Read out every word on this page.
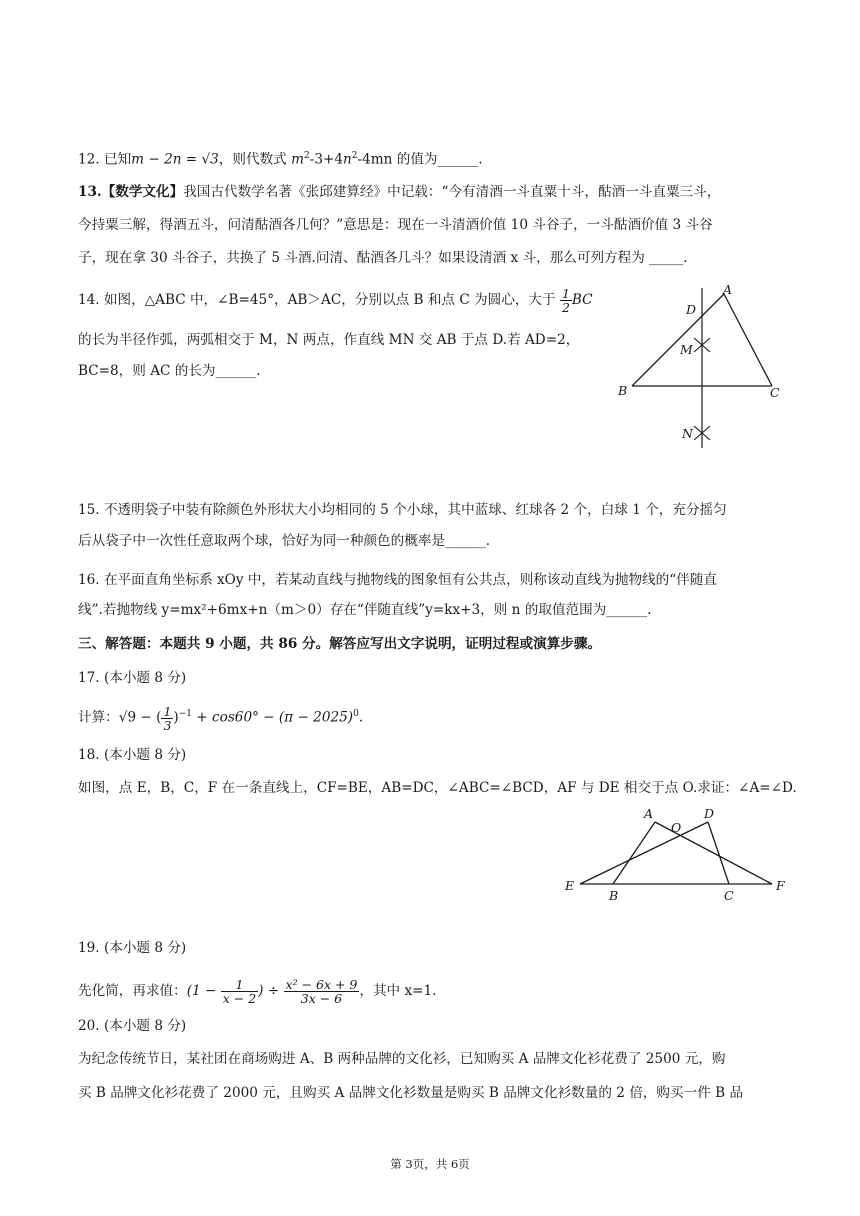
12. 已知m − 2n = √3，则代数式 $m^2-3+4n^2-4mn$ 的值为______.
13.【数学文化】我国古代数学名著《张邱建算经》中记载：“今有清酒一斗直粟十斗，酤酒一斗直粟三斗，
今持粟三解，得酒五斗，问清酤酒各几何？”意思是：现在一斗清酒价值 10 斗谷子，一斗酤酒价值 3 斗谷
子，现在拿 30 斗谷子，共换了 5 斗酒.问清、酤酒各几斗？如果设清酒 x 斗，那么可列方程为 _____.
14. 如图，△ABC 中，∠B=45°，AB＞AC，分别以点 B 和点 C 为圆心，大于 $\frac{1}{2}$ BC
的长为半径作弧，两弧相交于 M，N 两点，作直线 MN 交 AB 于点 D.若 AD=2，
BC=8，则 AC 的长为______.
A
B	C
D
M
N
15. 不透明袋子中装有除颜色外形状大小均相同的 5 个小球，其中蓝球、红球各 2 个，白球 1 个，充分摇匀
后从袋子中一次性任意取两个球，恰好为同一种颜色的概率是______.
16. 在平面直角坐标系 xOy 中，若某动直线与抛物线的图象恒有公共点，则称该动直线为抛物线的“伴随直
线”.若抛物线 y=mx²+6mx+n（m＞0）存在“伴随直线”y=kx+3，则 n 的取值范围为______.
三、解答题：本题共 9 小题，共 86 分。解答应写出文字说明，证明过程或演算步骤。
17. (本小题 8 分)
计算：√9 − ( $\frac{1}{3} )^{-1} + \cos 60^\circ - (\pi - 2025)^0$.
18. (本小题 8 分)
如图，点 E，B，C，F 在一条直线上，CF=BE，AB=DC，∠ABC=∠BCD，AF 与 DE 相交于点 O.求证：∠A=∠D.
A
O
D
E
B	C
F
19. (本小题 8 分)
先化简，再求值：($1 - \frac{1}{x - 2}$ ) ÷ $\frac{\text{x² − 6x + 9}}{3x - 6}$ ，其中 x=1.
20. (本小题 8 分)
为纪念传统节日，某社团在商场购进 A、B 两种品牌的文化衫，已知购买 A 品牌文化衫花费了 2500 元，购
买 B 品牌文化衫花费了 2000 元，且购买 A 品牌文化衫数量是购买 B 品牌文化衫数量的 2 倍，购买一件 B 品
第 3页，共 6页
